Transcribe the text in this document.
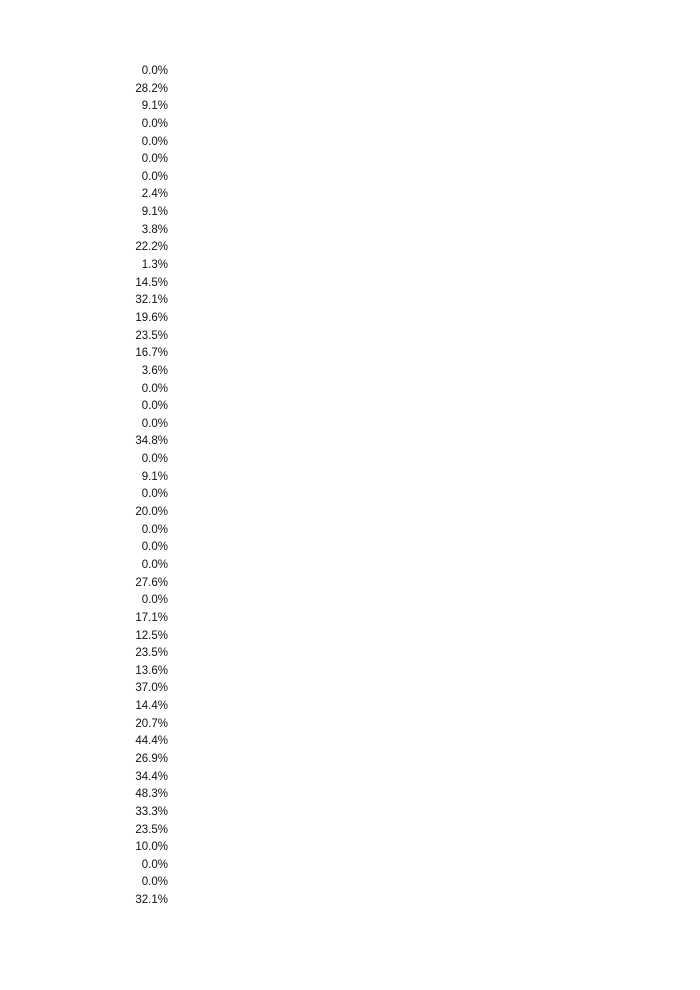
0.0%
28.2%
9.1%
0.0%
0.0%
0.0%
0.0%
2.4%
9.1%
3.8%
22.2%
1.3%
14.5%
32.1%
19.6%
23.5%
16.7%
3.6%
0.0%
0.0%
0.0%
34.8%
0.0%
9.1%
0.0%
20.0%
0.0%
0.0%
0.0%
27.6%
0.0%
17.1%
12.5%
23.5%
13.6%
37.0%
14.4%
20.7%
44.4%
26.9%
34.4%
48.3%
33.3%
23.5%
10.0%
0.0%
0.0%
32.1%
